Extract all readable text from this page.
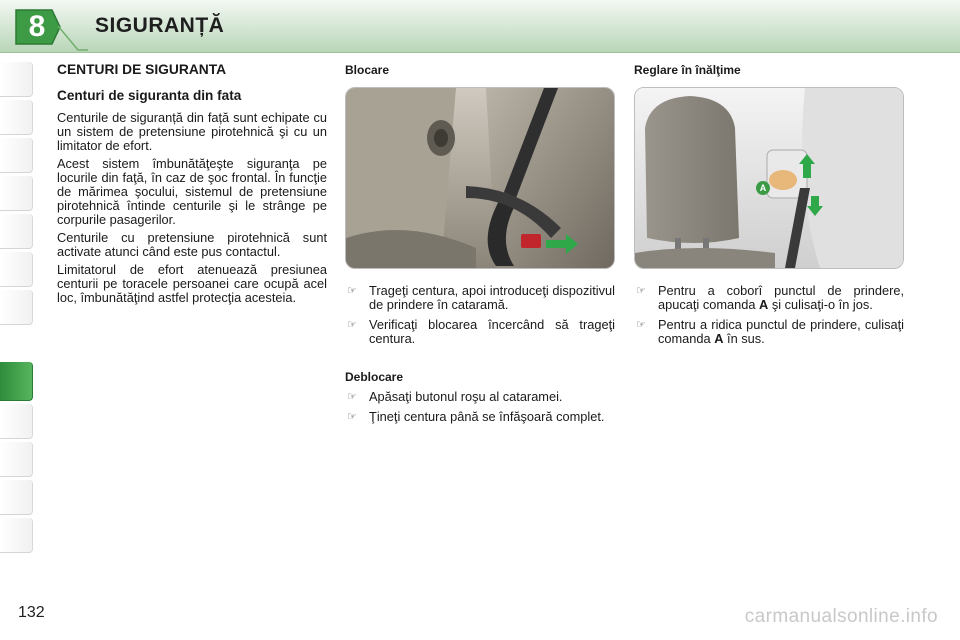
8	SIGURANȚĂ
CENTURI DE SIGURANTA
Centuri de siguranta din fata

Centurile de siguranță din față sunt echipate cu un sistem de pretensiune pirotehnică şi cu un limitator de efort.

Acest sistem îmbunătăţeşte siguranţa pe locurile din faţă, în caz de şoc frontal. În funcţie de mărimea şocului, sistemul de pretensiune pirotehnică întinde centurile şi le strânge pe corpurile pasagerilor.

Centurile cu pretensiune pirotehnică sunt activate atunci când este pus contactul.

Limitatorul de efort atenuează presiunea centurii pe toracele persoanei care ocupă acel loc, îmbunătăţind astfel protecţia acesteia.

Blocare
☞ Trageţi centura, apoi introduceţi dispozitivul de prindere în cataramă.
☞ Verificaţi blocarea încercând să trageţi centura.
Deblocare
☞ Apăsaţi butonul roşu al cataramei.
☞ Ţineţi centura până se înfăşoară complet.
Reglare în înălţime
A
☞ Pentru a coborî punctul de prindere, apucaţi comanda A şi culisaţi-o în jos.
☞ Pentru a ridica punctul de prindere, culisaţi comanda A în sus.
132	carmanualsonline.info
